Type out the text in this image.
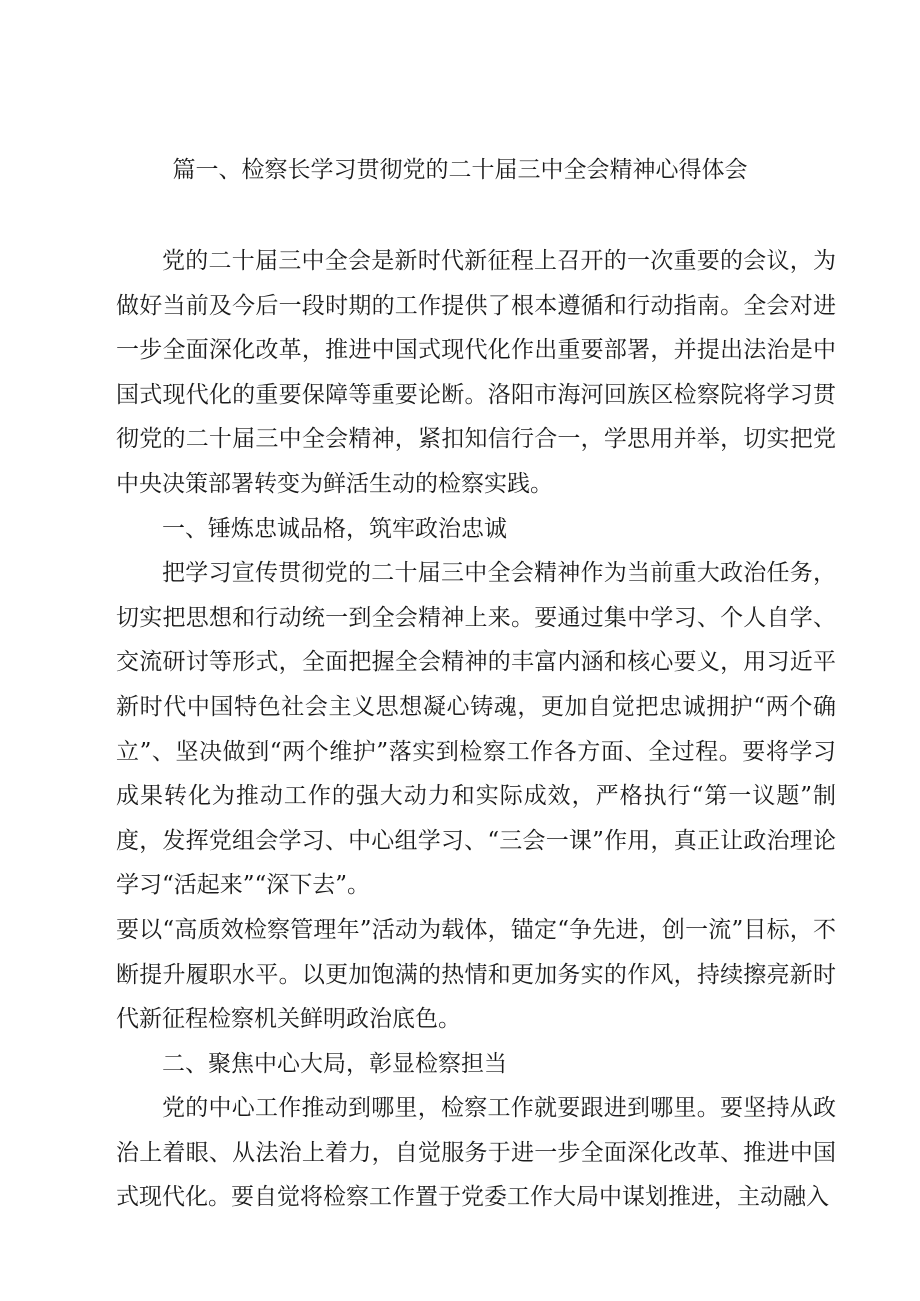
篇一、检察长学习贯彻党的二十届三中全会精神心得体会

党的二十届三中全会是新时代新征程上召开的一次重要的会议，为做好当前及今后一段时期的工作提供了根本遵循和行动指南。全会对进一步全面深化改革，推进中国式现代化作出重要部署，并提出法治是中国式现代化的重要保障等重要论断。洛阳市海河回族区检察院将学习贯彻党的二十届三中全会精神，紧扣知信行合一，学思用并举，切实把党中央决策部署转变为鲜活生动的检察实践。

一、锤炼忠诚品格，筑牢政治忠诚

把学习宣传贯彻党的二十届三中全会精神作为当前重大政治任务，切实把思想和行动统一到全会精神上来。要通过集中学习、个人自学、交流研讨等形式，全面把握全会精神的丰富内涵和核心要义，用习近平新时代中国特色社会主义思想凝心铸魂，更加自觉把忠诚拥护“两个确立”、坚决做到“两个维护”落实到检察工作各方面、全过程。要将学习成果转化为推动工作的强大动力和实际成效，严格执行“第一议题”制度，发挥党组会学习、中心组学习、“三会一课”作用，真正让政治理论学习“活起来”“深下去”。

要以“高质效检察管理年”活动为载体，锚定“争先进，创一流”目标，不断提升履职水平。以更加饱满的热情和更加务实的作风，持续擦亮新时代新征程检察机关鲜明政治底色。

二、聚焦中心大局，彰显检察担当

党的中心工作推动到哪里，检察工作就要跟进到哪里。要坚持从政治上着眼、从法治上着力，自觉服务于进一步全面深化改革、推进中国式现代化。要自觉将检察工作置于党委工作大局中谋划推进，主动融入
